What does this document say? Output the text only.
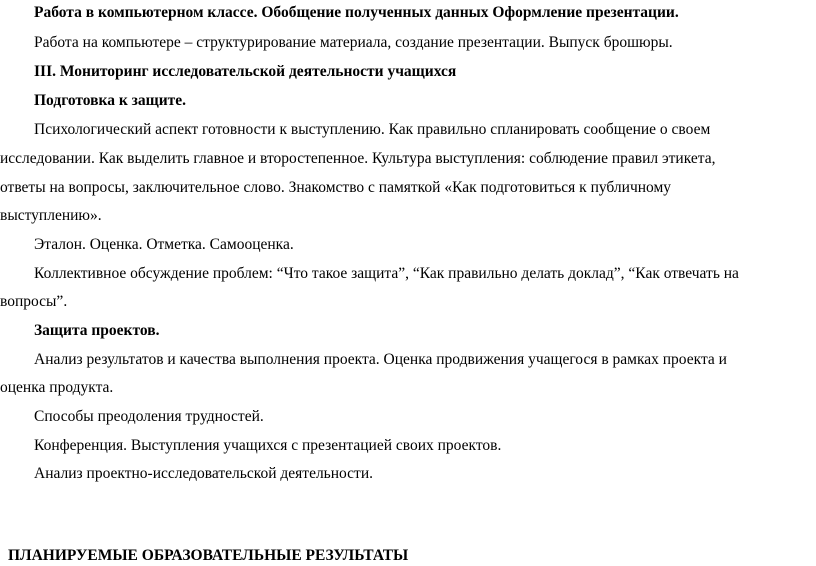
Работа в компьютерном классе. Обобщение полученных данных Оформление презентации.
Работа на компьютере – структурирование материала, создание презентации. Выпуск брошюры.
III. Мониторинг исследовательской деятельности учащихся
Подготовка к защите.
Психологический аспект готовности к выступлению. Как правильно спланировать сообщение о своем
исследовании. Как выделить главное и второстепенное. Культура выступления: соблюдение правил этикета,
ответы на вопросы, заключительное слово. Знакомство с памяткой «Как подготовиться к публичному
выступлению».
Эталон. Оценка. Отметка. Самооценка.
Коллективное обсуждение проблем: “Что такое защита”, “Как правильно делать доклад”, “Как отвечать на
вопросы”.
Защита проектов.
Анализ результатов и качества выполнения проекта. Оценка продвижения учащегося в рамках проекта и
оценка продукта.
Способы преодоления трудностей.
Конференция. Выступления учащихся с презентацией своих проектов.
Анализ проектно-исследовательской деятельности.
ПЛАНИРУЕМЫЕ ОБРАЗОВАТЕЛЬНЫЕ РЕЗУЛЬТАТЫ
